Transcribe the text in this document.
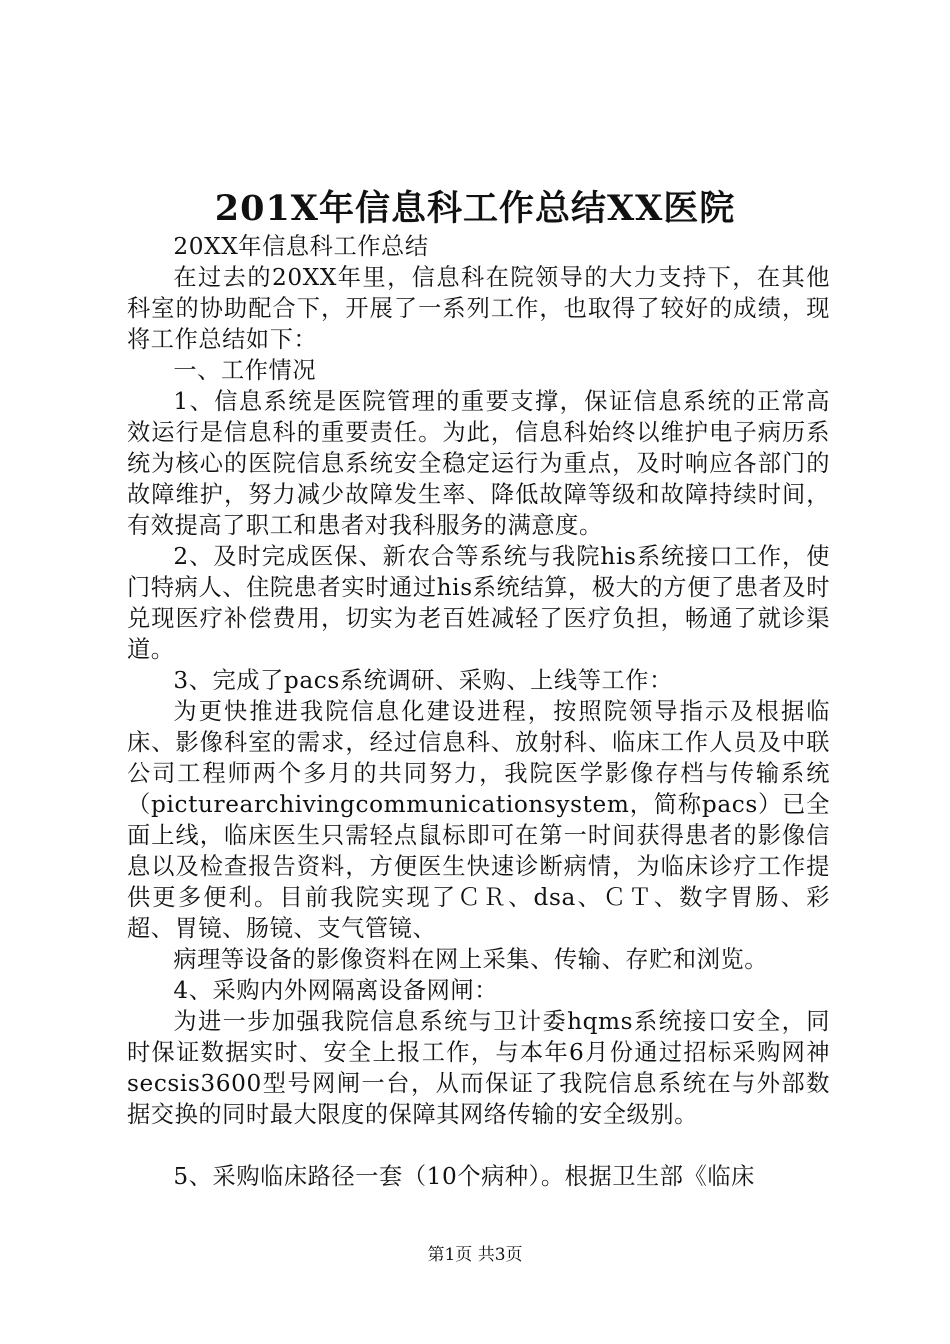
201X年信息科工作总结XX医院

20XX年信息科工作总结

在过去的20XX年里，信息科在院领导的大力支持下，在其他科室的协助配合下，开展了一系列工作，也取得了较好的成绩，现将工作总结如下：

一、工作情况

1、信息系统是医院管理的重要支撑，保证信息系统的正常高效运行是信息科的重要责任。为此，信息科始终以维护电子病历系统为核心的医院信息系统安全稳定运行为重点，及时响应各部门的故障维护，努力减少故障发生率、降低故障等级和故障持续时间，有效提高了职工和患者对我科服务的满意度。

2、及时完成医保、新农合等系统与我院his系统接口工作，使门特病人、住院患者实时通过his系统结算，极大的方便了患者及时兑现医疗补偿费用，切实为老百姓减轻了医疗负担，畅通了就诊渠道。

3、完成了pacs系统调研、采购、上线等工作：

为更快推进我院信息化建设进程，按照院领导指示及根据临床、影像科室的需求，经过信息科、放射科、临床工作人员及中联公司工程师两个多月的共同努力，我院医学影像存档与传输系统（picturearchivingcommunicationsystem，简称pacs）已全面上线，临床医生只需轻点鼠标即可在第一时间获得患者的影像信息以及检查报告资料，方便医生快速诊断病情，为临床诊疗工作提供更多便利。目前我院实现了ＣＲ、dsa、ＣＴ、数字胃肠、彩超、胃镜、肠镜、支气管镜、

病理等设备的影像资料在网上采集、传输、存贮和浏览。

4、采购内外网隔离设备网闸：

为进一步加强我院信息系统与卫计委hqms系统接口安全，同时保证数据实时、安全上报工作，与本年6月份通过招标采购网神secsis3600型号网闸一台，从而保证了我院信息系统在与外部数据交换的同时最大限度的保障其网络传输的安全级别。

5、采购临床路径一套（10个病种）。根据卫生部《临床

第1页 共3页
